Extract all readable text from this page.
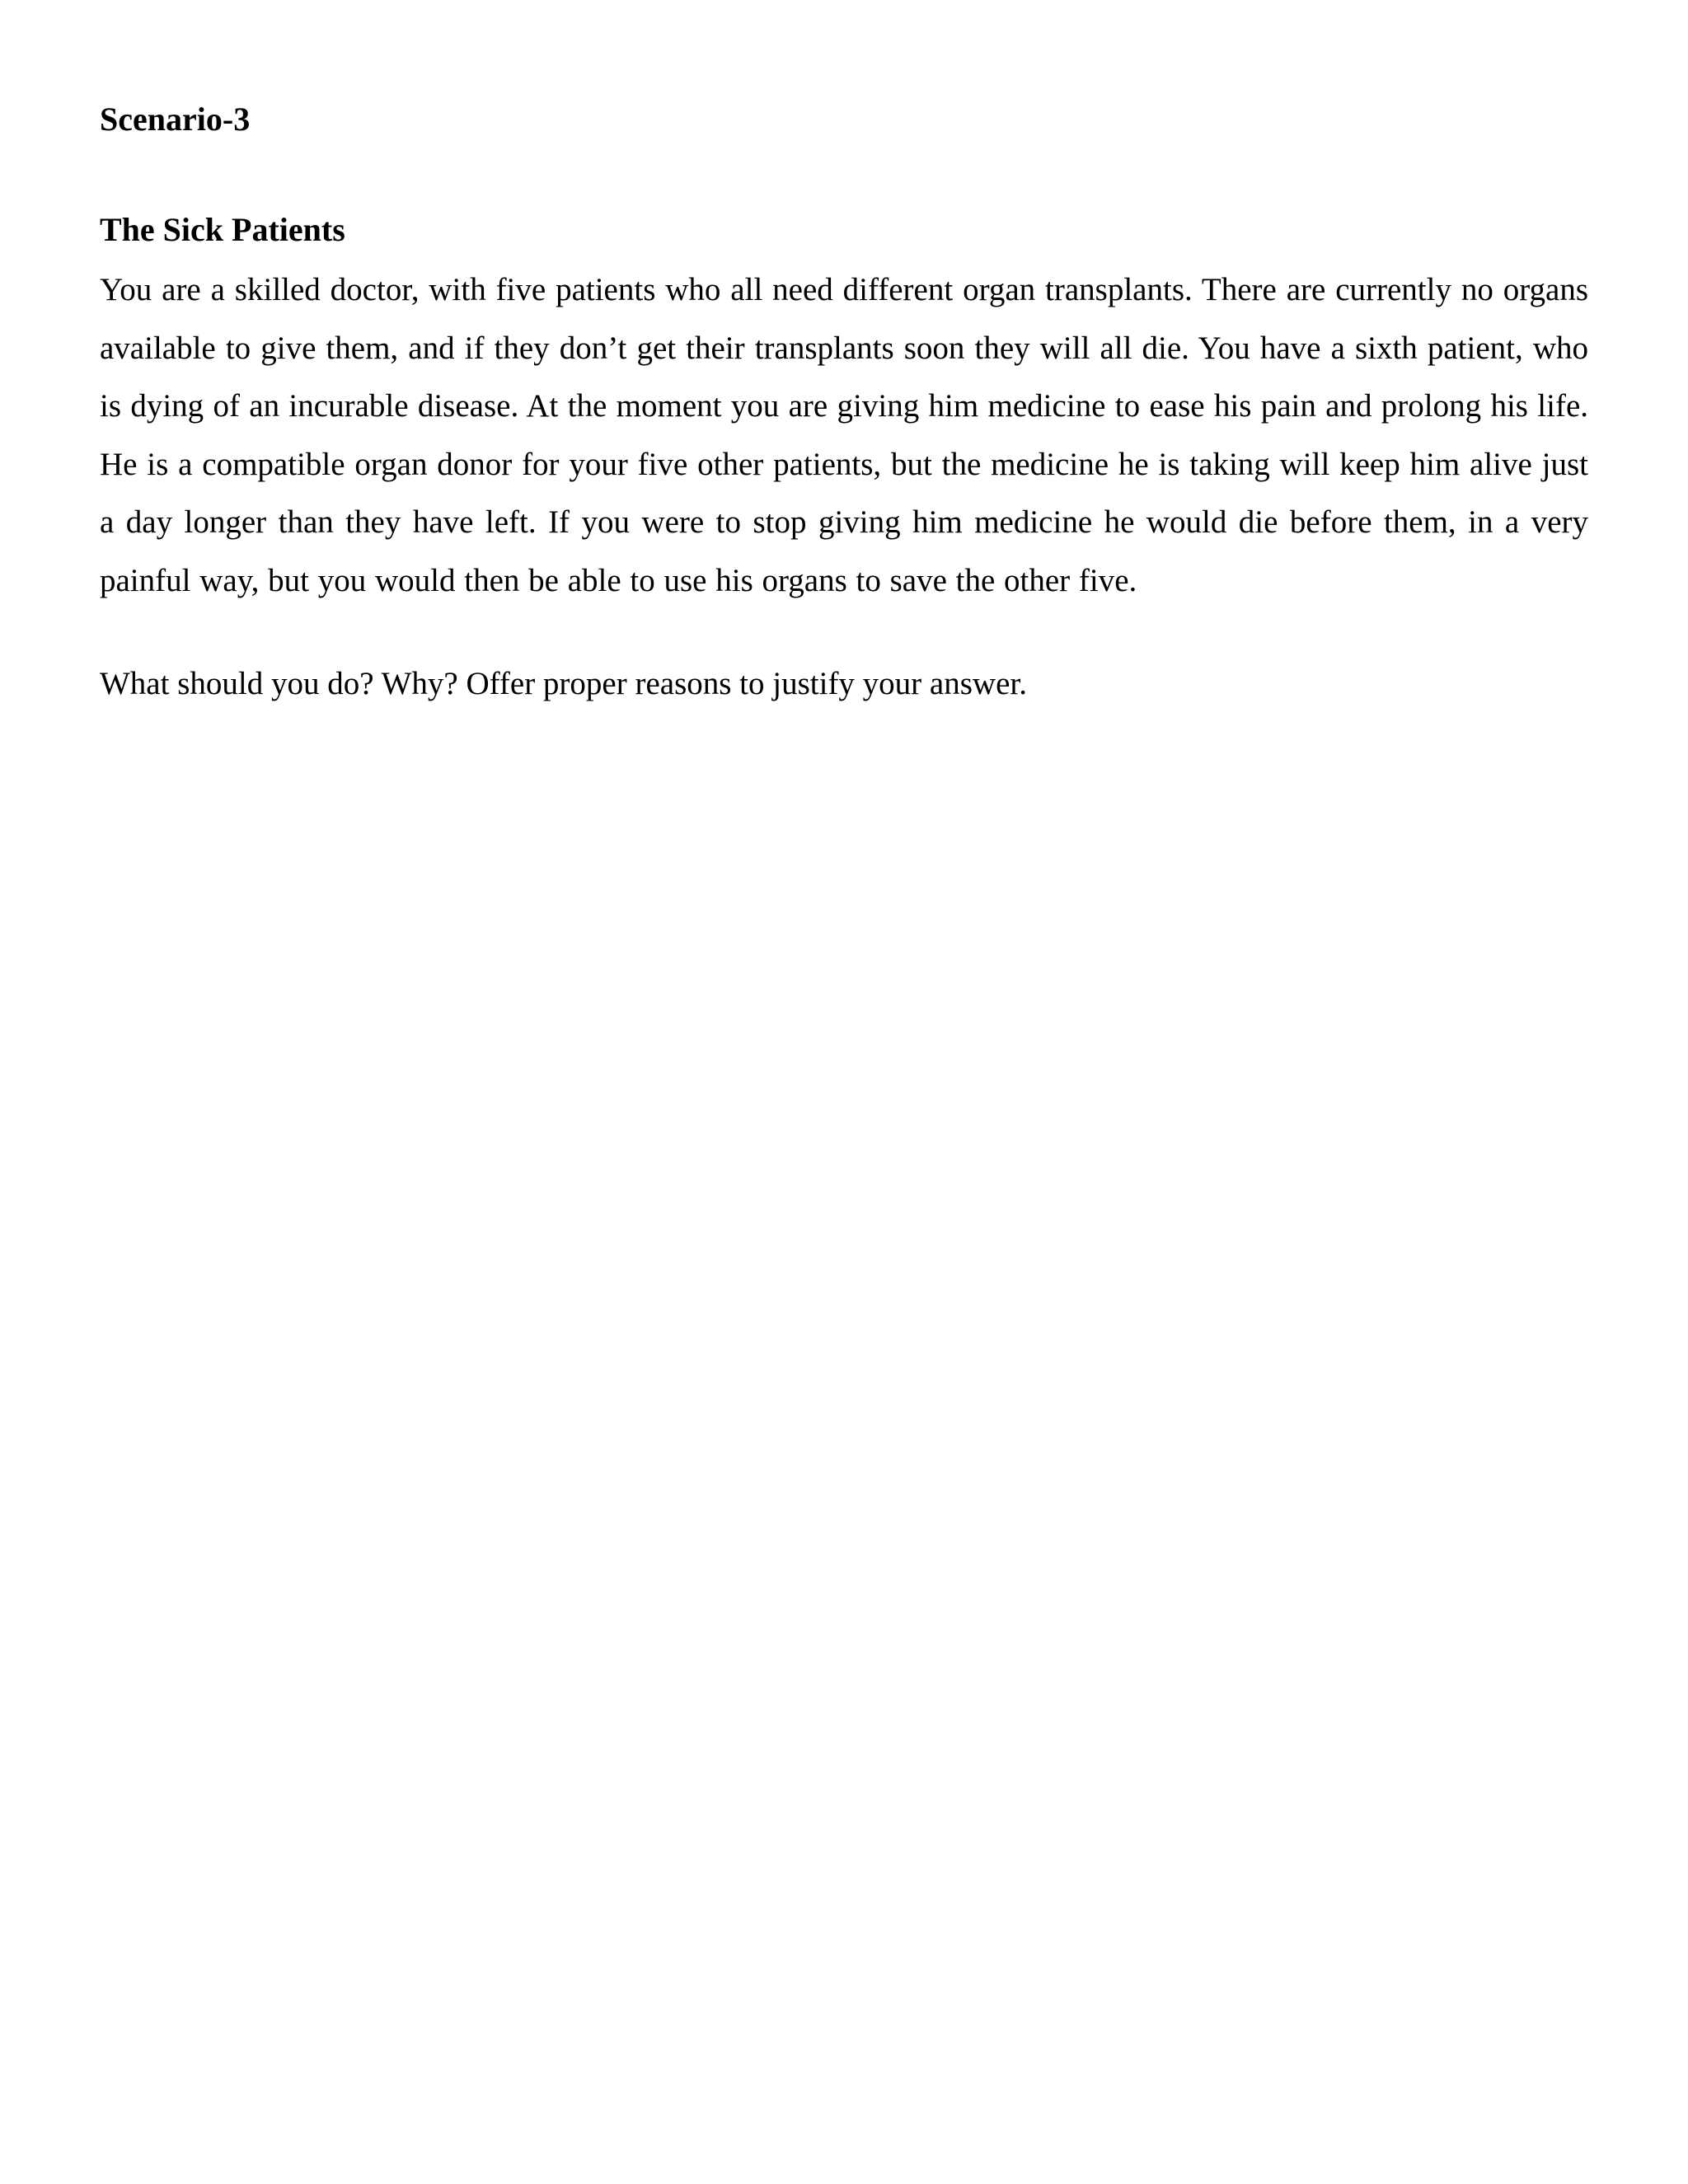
Scenario-3
The Sick Patients

You are a skilled doctor, with five patients who all need different organ transplants. There are currently no organs available to give them, and if they don’t get their transplants soon they will all die. You have a sixth patient, who is dying of an incurable disease. At the moment you are giving him medicine to ease his pain and prolong his life. He is a compatible organ donor for your five other patients, but the medicine he is taking will keep him alive just a day longer than they have left. If you were to stop giving him medicine he would die before them, in a very painful way, but you would then be able to use his organs to save the other five.

What should you do? Why? Offer proper reasons to justify your answer.
